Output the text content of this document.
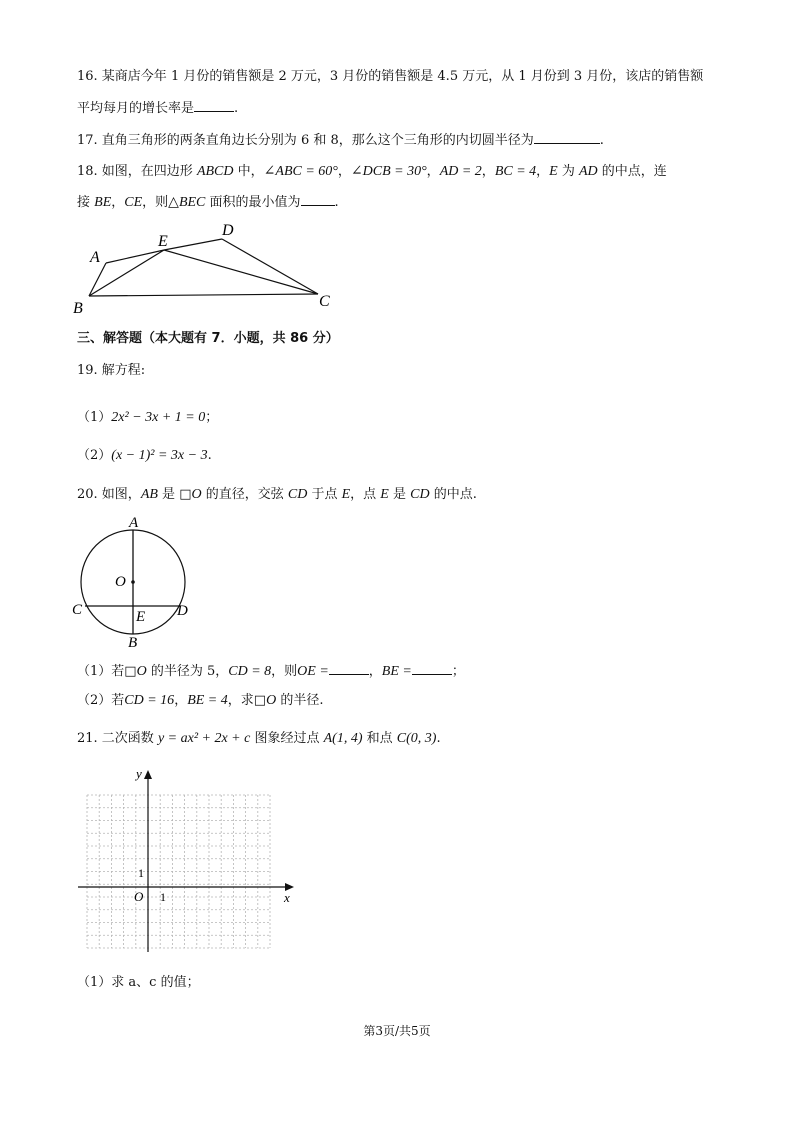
16. 某商店今年 1 月份的销售额是 2 万元，3 月份的销售额是 4.5 万元，从 1 月份到 3 月份，该店的销售额
平均每月的增长率是	.
17. 直角三角形的两条直角边长分别为 6 和 8，那么这个三角形的内切圆半径为	.
18. 如图，在四边形 ABCD 中，∠ABC = 60°，∠DCB = 30°，AD = 2，BC = 4，E 为 AD 的中点，连
接 BE，CE，则△BEC 面积的最小值为	.
A
E
D
B	C
三、解答题（本大题有 7．小题，共 86 分）
19. 解方程:
（1）2x² − 3x + 1 = 0；
（2）(x − 1)² = 3x − 3.
20. 如图，AB 是 □O 的直径，交弦 CD 于点 E，点 E 是 CD 的中点.
A
O
C	E D
B
（1）若□O 的半径为 5，CD = 8，则OE =	，BE =	；
（2）若CD = 16，BE = 4，求□O 的半径.
21. 二次函数 y = ax² + 2x + c 图象经过点 A(1, 4) 和点 C(0, 3).
x
y
O 1
1
（1）求 a、c 的值；
第3页/共5页
